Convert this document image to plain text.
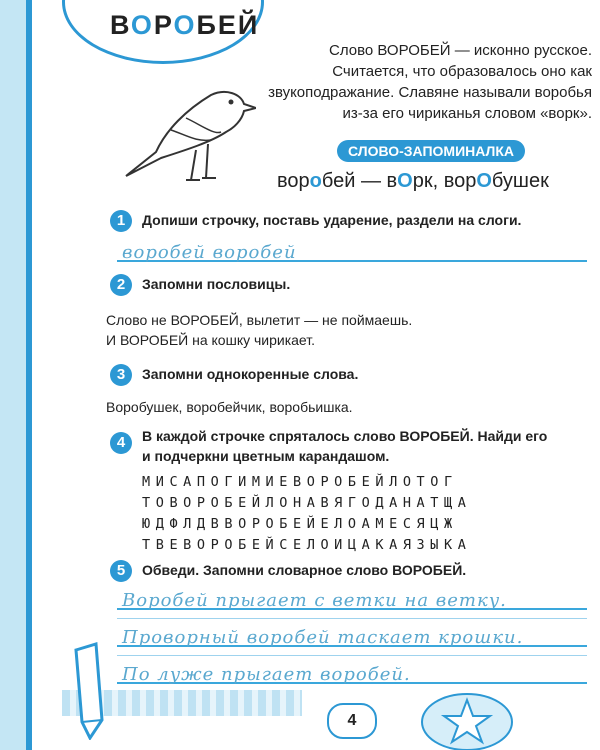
ВОРОБЕЙ
Слово ВОРОБЕЙ — исконно русское. Считается, что образовалось оно как звукоподражание. Славяне называли воробья из-за его чириканья словом «ворк».
СЛОВО-ЗАПОМИНАЛКА
воробей — вОрк, ворОбушек
1	Допиши строчку, поставь ударение, раздели на слоги.
воробей воробей
2	Запомни пословицы.
Слово не ВОРОБЕЙ, вылетит — не поймаешь.
И ВОРОБЕЙ на кошку чирикает.
3	Запомни однокоренные слова.
Воробушек, воробейчик, воробьишка.
4	В каждой строчке спряталось слово ВОРОБЕЙ. Найди его
и подчеркни цветным карандашом.
МИСАПОГИМИЕВОРОБЕЙЛОТОГ
ТОВОРОБЕЙЛОНАВЯГОДАНАТЩА
ЮДФЛДВВОРОБЕЙЕЛОАМЕСЯЦЖ
ТВЕВОРОБЕЙСЕЛОИЦАКАЯЗЫКА
5	Обведи. Запомни словарное слово ВОРОБЕЙ.
Воробей прыгает с ветки на ветку.
Проворный воробей таскает крошки.
По луже прыгает воробей.
4
